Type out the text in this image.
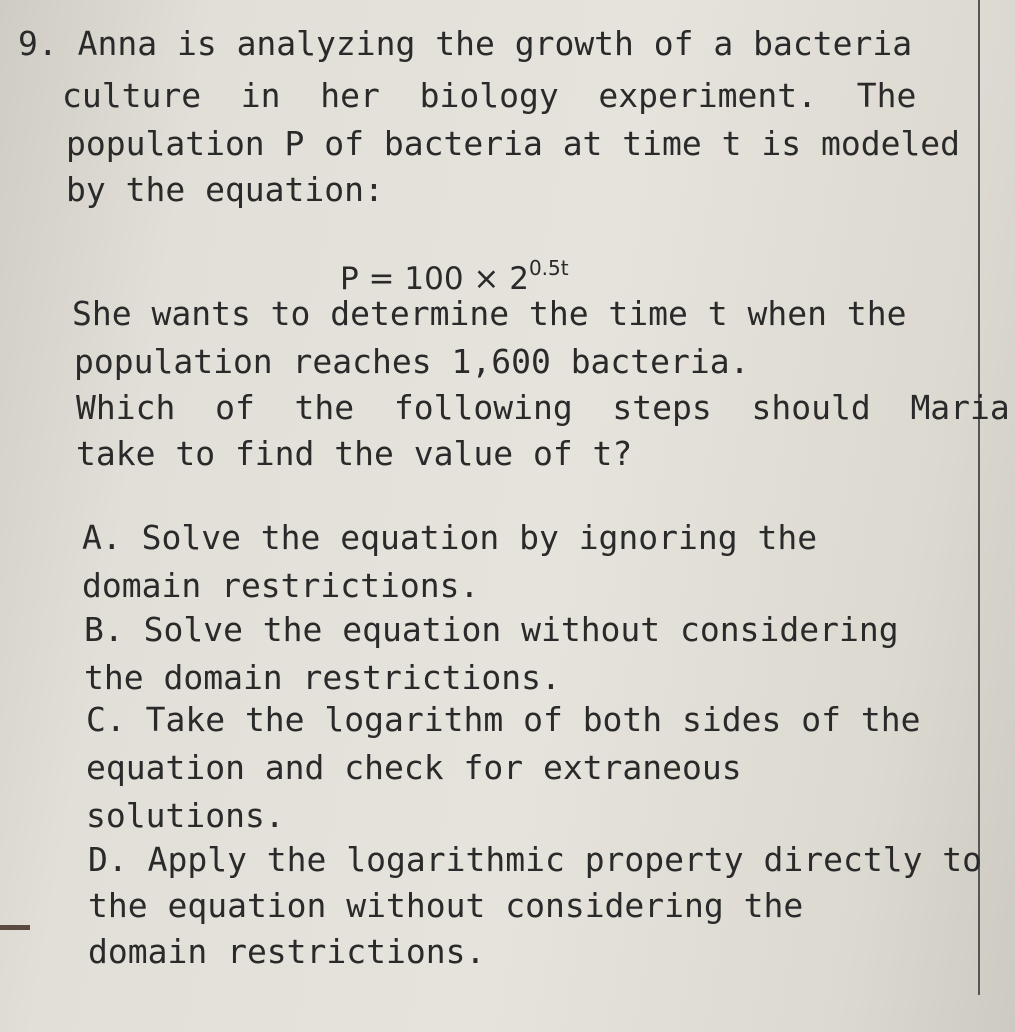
9. Anna is analyzing the growth of a bacteria
culture  in  her  biology  experiment.  The
population P of bacteria at time t is modeled
by the equation:
$P = 100 \times 2^{0.5t}$
She wants to determine the time t when the
population reaches 1,600 bacteria.
Which  of  the  following  steps  should  Maria
take to find the value of t?
A. Solve the equation by ignoring the
domain restrictions.
B. Solve the equation without considering
the domain restrictions.
C. Take the logarithm of both sides of the
equation and check for extraneous
solutions.
D. Apply the logarithmic property directly to
the equation without considering the
domain restrictions.
